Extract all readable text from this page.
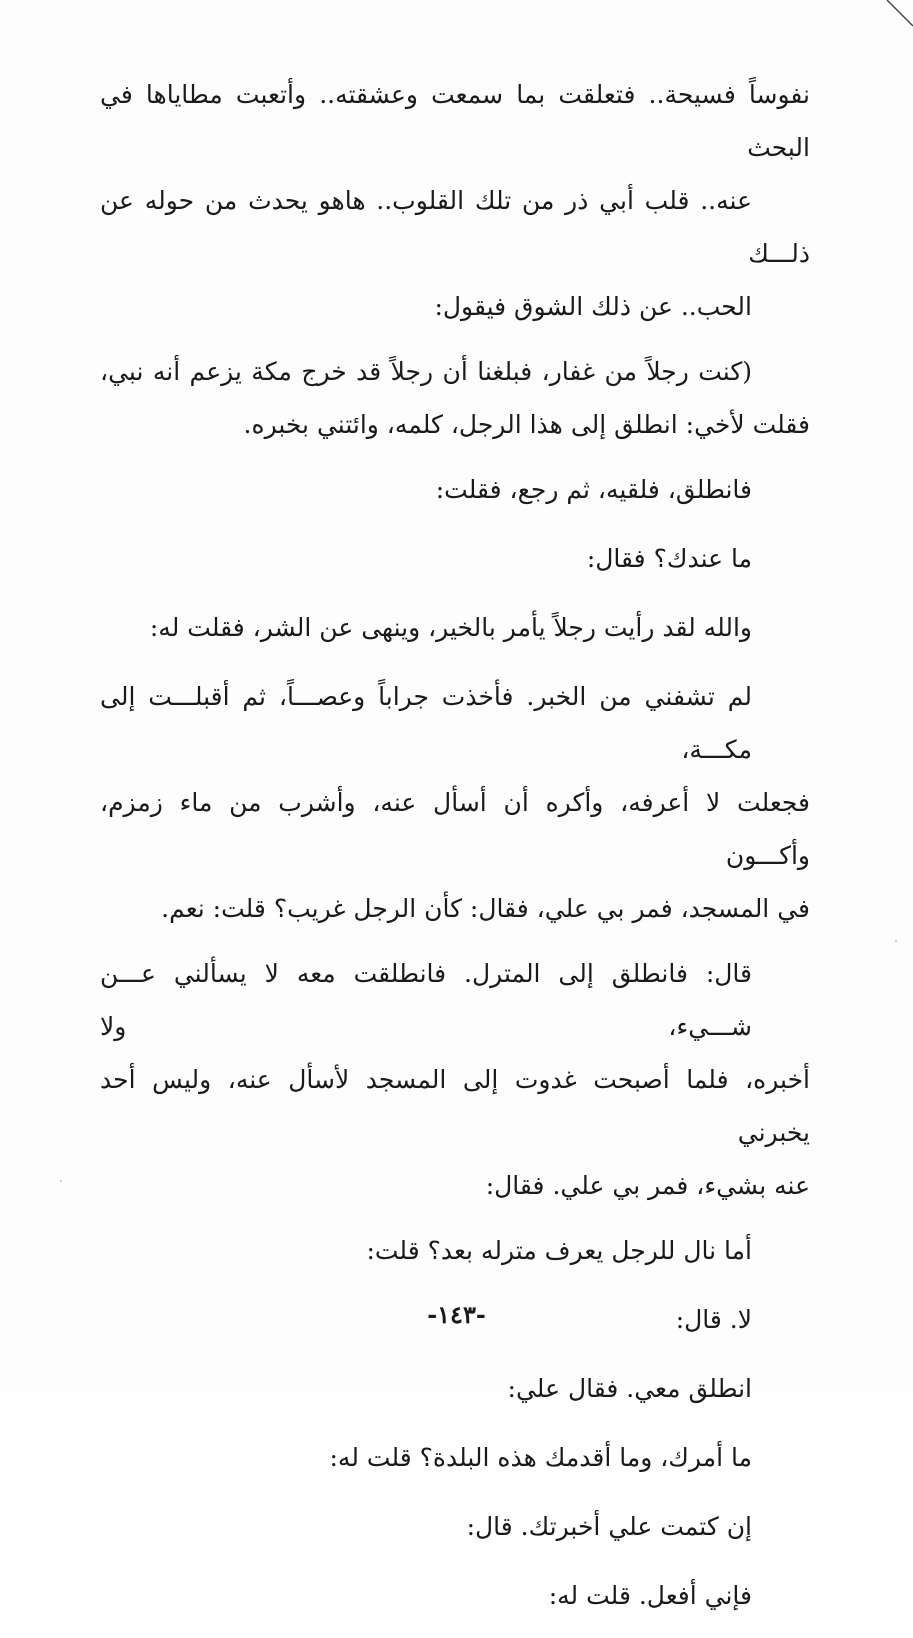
نفوساً فسيحة.. فتعلقت بما سمعت وعشقته.. وأتعبت مطاياها في البحث
عنه.. قلب أبي ذر من تلك القلوب.. هاهو يحدث من حوله عن ذلـــك
الحب.. عن ذلك الشوق فيقول:

(كنت رجلاً من غفار، فبلغنا أن رجلاً قد خرج مكة يزعم أنه نبي،
فقلت لأخي: انطلق إلى هذا الرجل، كلمه، وائتني بخبره.

فانطلق، فلقيه، ثم رجع، فقلت:

ما عندك؟ فقال:

والله لقد رأيت رجلاً يأمر بالخير، وينهى عن الشر، فقلت له:

لم تشفني من الخبر. فأخذت جراباً وعصـــاً، ثم أقبلـــت إلى مكـــة،
فجعلت لا أعرفه، وأكره أن أسأل عنه، وأشرب من ماء زمزم، وأكـــون
في المسجد، فمر بي علي، فقال: كأن الرجل غريب؟ قلت: نعم.

قال: فانطلق إلى المترل. فانطلقت معه لا يسألني عـــن شـــيء، ولا
أخبره، فلما أصبحت غدوت إلى المسجد لأسأل عنه، وليس أحد يخبرني
عنه بشيء، فمر بي علي. فقال:

أما نال للرجل يعرف مترله بعد؟ قلت:

لا. قال:

انطلق معي. فقال علي:

ما أمرك، وما أقدمك هذه البلدة؟ قلت له:

إن كتمت علي أخبرتك. قال:

فإني أفعل. قلت له:

-١٤٣-
